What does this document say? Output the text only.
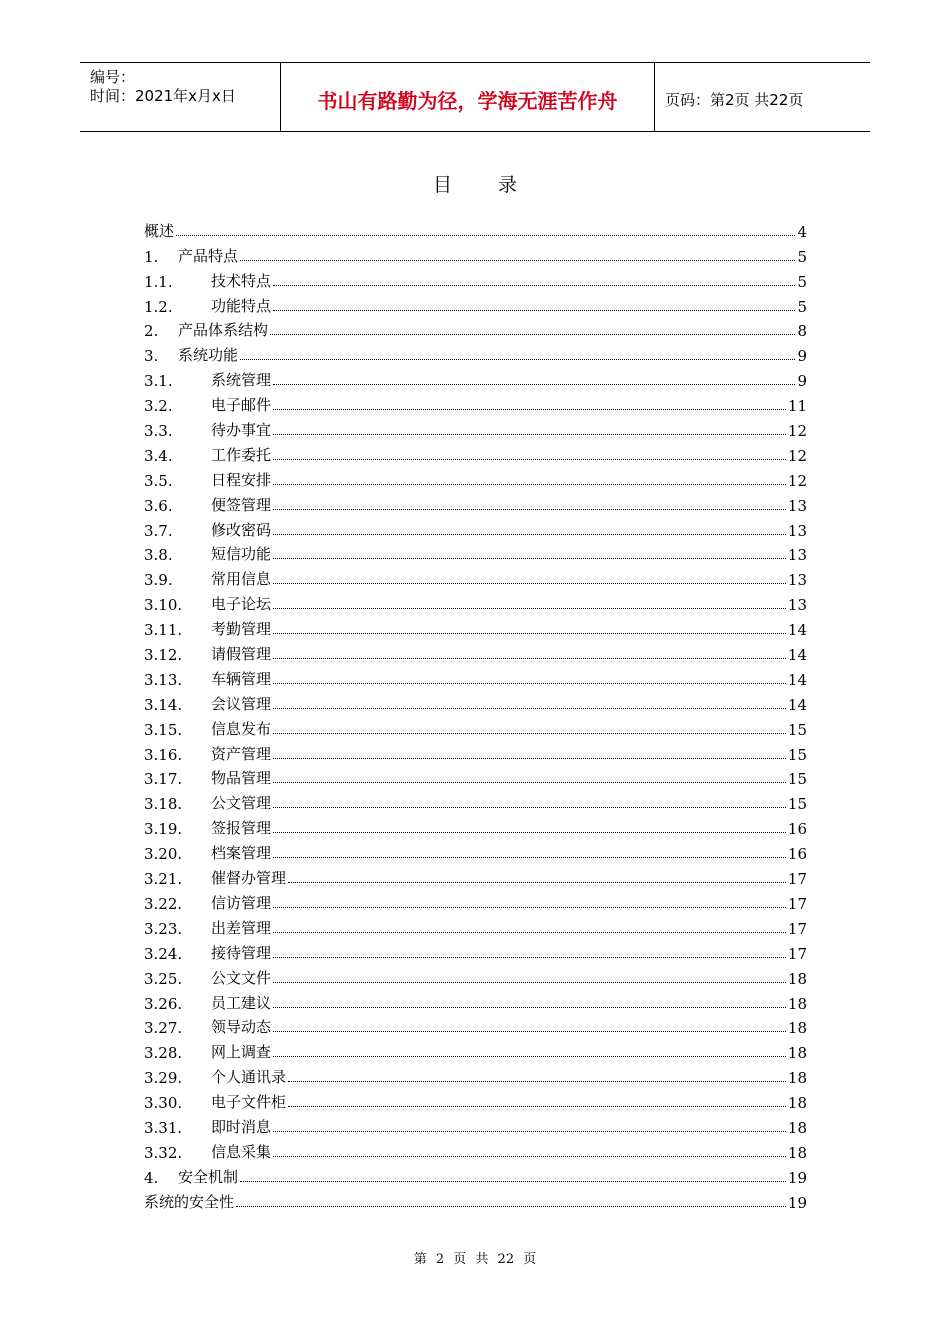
编号：
时间：2021年x月x日	书山有路勤为径，学海无涯苦作舟	页码：第2页 共22页
目 录
概述	4
1.	产品特点	5
1.1.	技术特点	5
1.2.	功能特点	5
2.	产品体系结构	8
3.	系统功能	9
3.1.	系统管理	9
3.2.	电子邮件	11
3.3.	待办事宜	12
3.4.	工作委托	12
3.5.	日程安排	12
3.6.	便签管理	13
3.7.	修改密码	13
3.8.	短信功能	13
3.9.	常用信息	13
3.10.	电子论坛	13
3.11.	考勤管理	14
3.12.	请假管理	14
3.13.	车辆管理	14
3.14.	会议管理	14
3.15.	信息发布	15
3.16.	资产管理	15
3.17.	物品管理	15
3.18.	公文管理	15
3.19.	签报管理	16
3.20.	档案管理	16
3.21.	催督办管理	17
3.22.	信访管理	17
3.23.	出差管理	17
3.24.	接待管理	17
3.25.	公文文件	18
3.26.	员工建议	18
3.27.	领导动态	18
3.28.	网上调查	18
3.29.	个人通讯录	18
3.30.	电子文件柜	18
3.31.	即时消息	18
3.32.	信息采集	18
4.	安全机制	19
系统的安全性	19
第 2 页 共 22 页
